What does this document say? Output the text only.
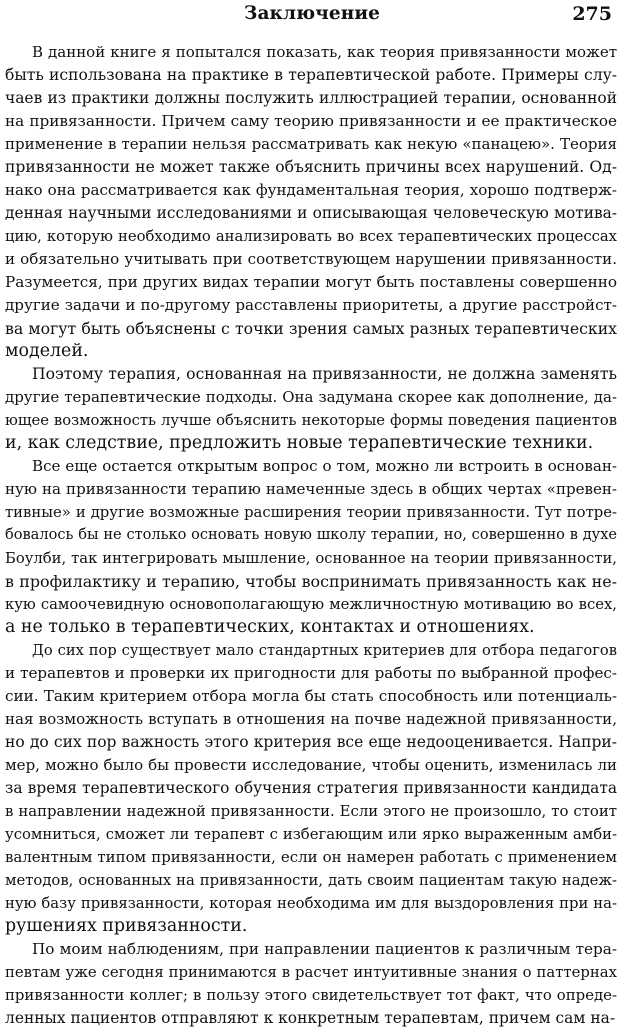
Заключение	275
В данной книге я попытался показать, как теория привязанности может
быть использована на практике в терапевтической работе. Примеры слу-
чаев из практики должны послужить иллюстрацией терапии, основанной
на привязанности. Причем саму теорию привязанности и ее практическое
применение в терапии нельзя рассматривать как некую «панацею». Теория
привязанности не может также объяснить причины всех нарушений. Од-
нако она рассматривается как фундаментальная теория, хорошо подтверж-
денная научными исследованиями и описывающая человеческую мотива-
цию, которую необходимо анализировать во всех терапевтических процессах
и обязательно учитывать при соответствующем нарушении привязанности.
Разумеется, при других видах терапии могут быть поставлены совершенно
другие задачи и по-другому расставлены приоритеты, а другие расстройст-
ва могут быть объяснены с точки зрения самых разных терапевтических
моделей.
Поэтому терапия, основанная на привязанности, не должна заменять
другие терапевтические подходы. Она задумана скорее как дополнение, да-
ющее возможность лучше объяснить некоторые формы поведения пациентов
и, как следствие, предложить новые терапевтические техники.
Все еще остается открытым вопрос о том, можно ли встроить в основан-
ную на привязанности терапию намеченные здесь в общих чертах «превен-
тивные» и другие возможные расширения теории привязанности. Тут потре-
бовалось бы не столько основать новую школу терапии, но, совершенно в духе
Боулби, так интегрировать мышление, основанное на теории привязанности,
в профилактику и терапию, чтобы воспринимать привязанность как не-
кую самоочевидную основополагающую межличностную мотивацию во всех,
а не только в терапевтических, контактах и отношениях.
До сих пор существует мало стандартных критериев для отбора педагогов
и терапевтов и проверки их пригодности для работы по выбранной профес-
сии. Таким критерием отбора могла бы стать способность или потенциаль-
ная возможность вступать в отношения на почве надежной привязанности,
но до сих пор важность этого критерия все еще недооценивается. Напри-
мер, можно было бы провести исследование, чтобы оценить, изменилась ли
за время терапевтического обучения стратегия привязанности кандидата
в направлении надежной привязанности. Если этого не произошло, то стоит
усомниться, сможет ли терапевт с избегающим или ярко выраженным амби-
валентным типом привязанности, если он намерен работать с применением
методов, основанных на привязанности, дать своим пациентам такую надеж-
ную базу привязанности, которая необходима им для выздоровления при на-
рушениях привязанности.
По моим наблюдениям, при направлении пациентов к различным тера-
певтам уже сегодня принимаются в расчет интуитивные знания о паттернах
привязанности коллег; в пользу этого свидетельствует тот факт, что опреде-
ленных пациентов отправляют к конкретным терапевтам, причем сам на-
